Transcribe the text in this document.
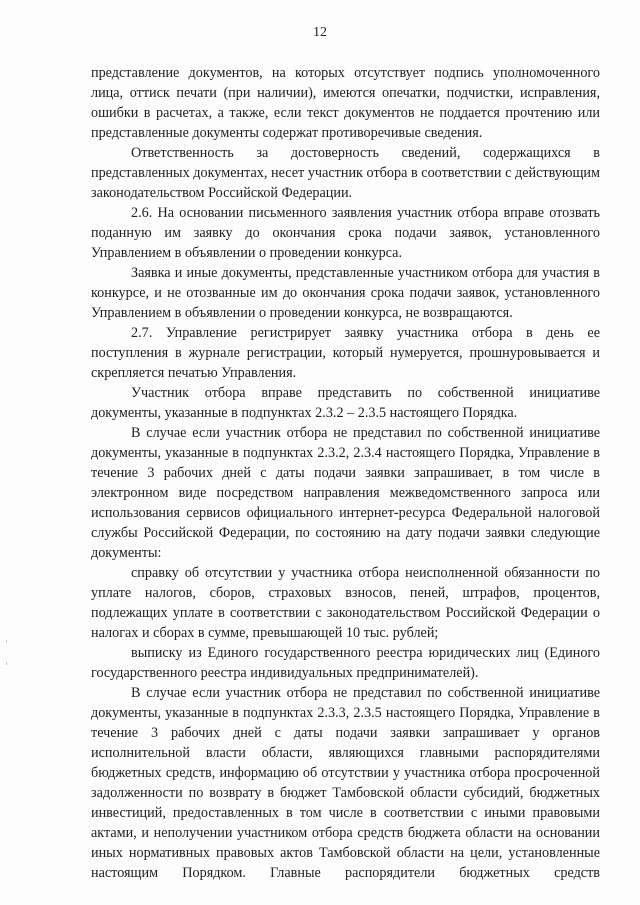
12

представление документов, на которых отсутствует подпись уполномоченного лица, оттиск печати (при наличии), имеются опечатки, подчистки, исправления, ошибки в расчетах, а также, если текст документов не поддается прочтению или представленные документы содержат противоречивые сведения.

Ответственность за достоверность сведений, содержащихся в представленных документах, несет участник отбора в соответствии с действующим законодательством Российской Федерации.

2.6. На основании письменного заявления участник отбора вправе отозвать поданную им заявку до окончания срока подачи заявок, установленного Управлением в объявлении о проведении конкурса.

Заявка и иные документы, представленные участником отбора для участия в конкурсе, и не отозванные им до окончания срока подачи заявок, установленного Управлением в объявлении о проведении конкурса, не возвращаются.

2.7. Управление регистрирует заявку участника отбора в день ее поступления в журнале регистрации, который нумеруется, прошнуровывается и скрепляется печатью Управления.

Участник отбора вправе представить по собственной инициативе документы, указанные в подпунктах 2.3.2 – 2.3.5 настоящего Порядка.

В случае если участник отбора не представил по собственной инициативе документы, указанные в подпунктах 2.3.2, 2.3.4 настоящего Порядка, Управление в течение 3 рабочих дней с даты подачи заявки запрашивает, в том числе в электронном виде посредством направления межведомственного запроса или использования сервисов официального интернет-ресурса Федеральной налоговой службы Российской Федерации, по состоянию на дату подачи заявки следующие документы:

справку об отсутствии у участника отбора неисполненной обязанности по уплате налогов, сборов, страховых взносов, пеней, штрафов, процентов, подлежащих уплате в соответствии с законодательством Российской Федерации о налогах и сборах в сумме, превышающей 10 тыс. рублей;

выписку из Единого государственного реестра юридических лиц (Единого государственного реестра индивидуальных предпринимателей).

В случае если участник отбора не представил по собственной инициативе документы, указанные в подпунктах 2.3.3, 2.3.5 настоящего Порядка, Управление в течение 3 рабочих дней с даты подачи заявки запрашивает у органов исполнительной власти области, являющихся главными распорядителями бюджетных средств, информацию об отсутствии у участника отбора просроченной задолженности по возврату в бюджет Тамбовской области субсидий, бюджетных инвестиций, предоставленных в том числе в соответствии с иными правовыми актами, и неполучении участником отбора средств бюджета области на основании иных нормативных правовых актов Тамбовской области на цели, установленные настоящим Порядком. Главные распорядители бюджетных средств
